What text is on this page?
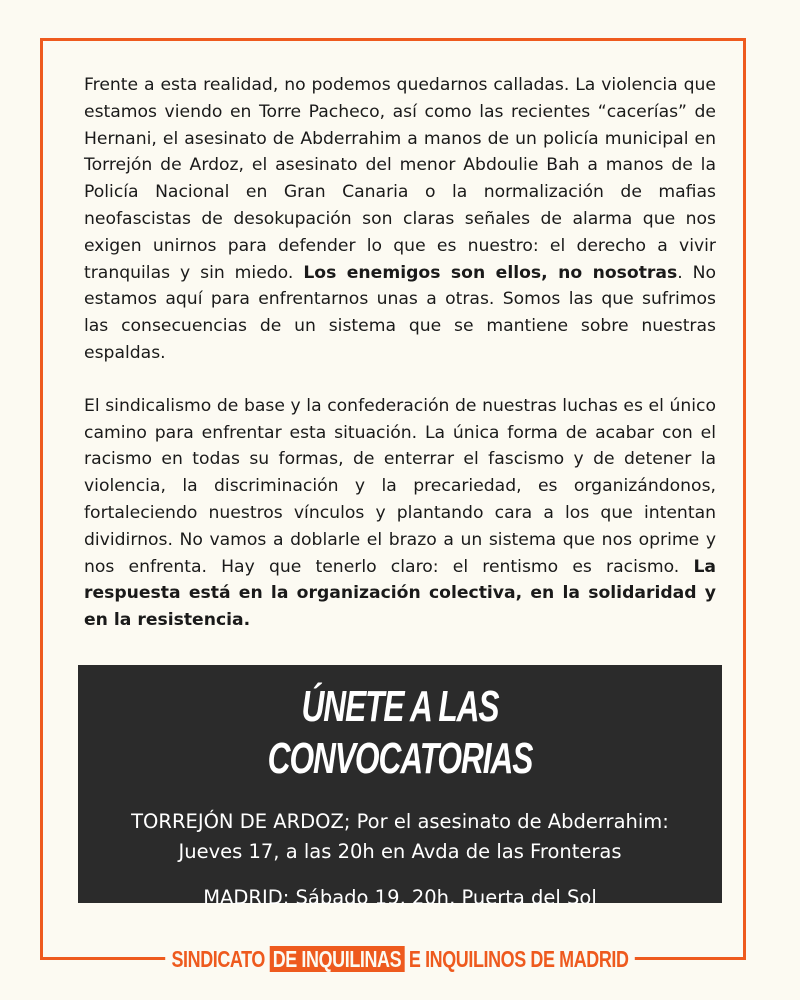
Frente a esta realidad, no podemos quedarnos calladas. La violencia que estamos viendo en Torre Pacheco, así como las recientes “cacerías” de Hernani, el asesinato de Abderrahim a manos de un policía municipal en Torrejón de Ardoz, el asesinato del menor Abdoulie Bah a manos de la Policía Nacional en Gran Canaria o la normalización de mafias neofascistas de desokupación son claras señales de alarma que nos exigen unirnos para defender lo que es nuestro: el derecho a vivir tranquilas y sin miedo. Los enemigos son ellos, no nosotras. No estamos aquí para enfrentarnos unas a otras. Somos las que sufrimos las consecuencias de un sistema que se mantiene sobre nuestras espaldas.

El sindicalismo de base y la confederación de nuestras luchas es el único camino para enfrentar esta situación. La única forma de acabar con el racismo en todas su formas, de enterrar el fascismo y de detener la violencia, la discriminación y la precariedad, es organizándonos, fortaleciendo nuestros vínculos y plantando cara a los que intentan dividirnos. No vamos a doblarle el brazo a un sistema que nos oprime y nos enfrenta. Hay que tenerlo claro: el rentismo es racismo. La respuesta está en la organización colectiva, en la solidaridad y en la resistencia.

ÚNETE A LAS CONVOCATORIAS
TORREJÓN DE ARDOZ; Por el asesinato de Abderrahim:
Jueves 17, a las 20h en Avda de las Fronteras
MADRID: Sábado 19, 20h, Puerta del Sol
SINDICATO DE INQUILINAS E INQUILINOS DE MADRID
